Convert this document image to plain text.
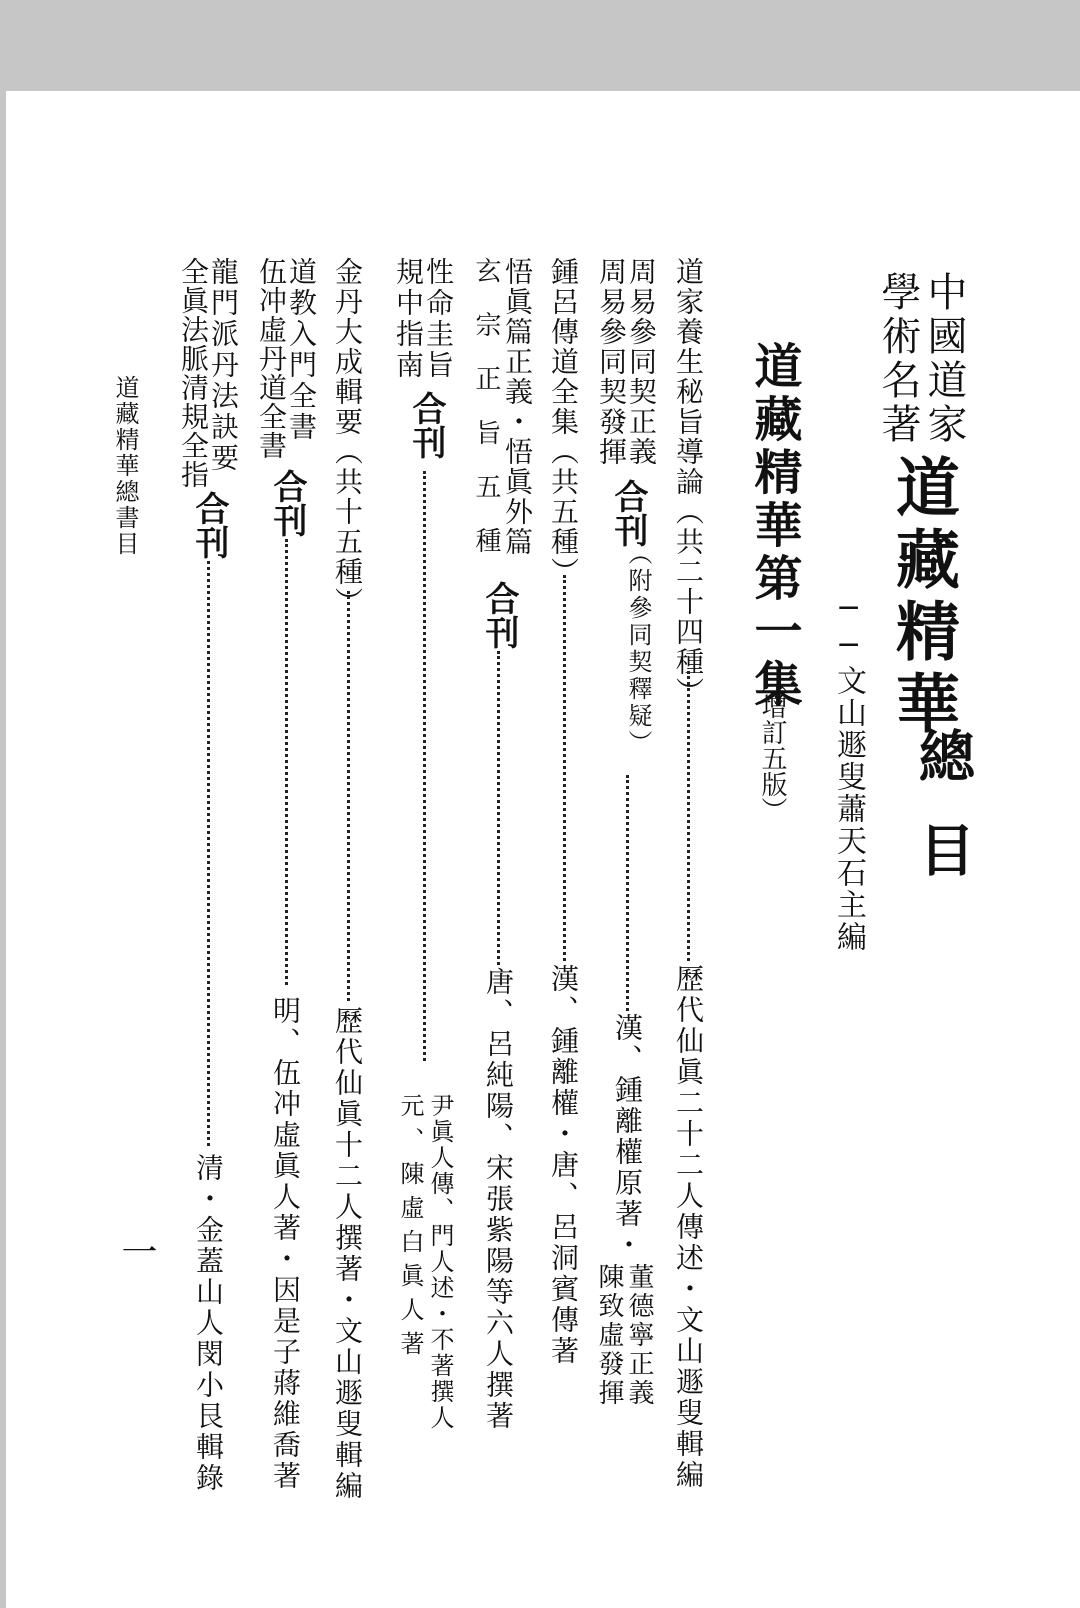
中國道家
學術名著
道藏精華
總
目
──文山遯叟蕭天石主編
道藏精華第一集
（增訂五版）
道家養生秘旨導論（共二十四種）
歷代仙眞二十二人傳述・文山遯叟輯編
周易參同契正義
周易參同契發揮
合刊
（附參同契釋疑）
漢、鍾離權原著・
董德寧正義
陳致虛發揮
鍾呂傳道全集（共五種）
漢、鍾離權・唐、呂洞賓傳著
悟眞篇正義・悟眞外篇
玄　宗　正　旨　五　種
合刊
唐、呂純陽、宋張紫陽等六人撰著
性命圭旨
規中指南
合刊
尹眞人傳、門人述・不著撰人
元、陳虛白眞人著
金丹大成輯要（共十五種）
歷代仙眞十二人撰著・文山遯叟輯編
道教入門全書
伍冲虛丹道全書
合刊
明、伍冲虛眞人著・因是子蔣維喬著
龍門派丹法訣要
全眞法脈清規全指
合刊
清・金蓋山人閔小艮輯錄
道藏精華總書目
一
